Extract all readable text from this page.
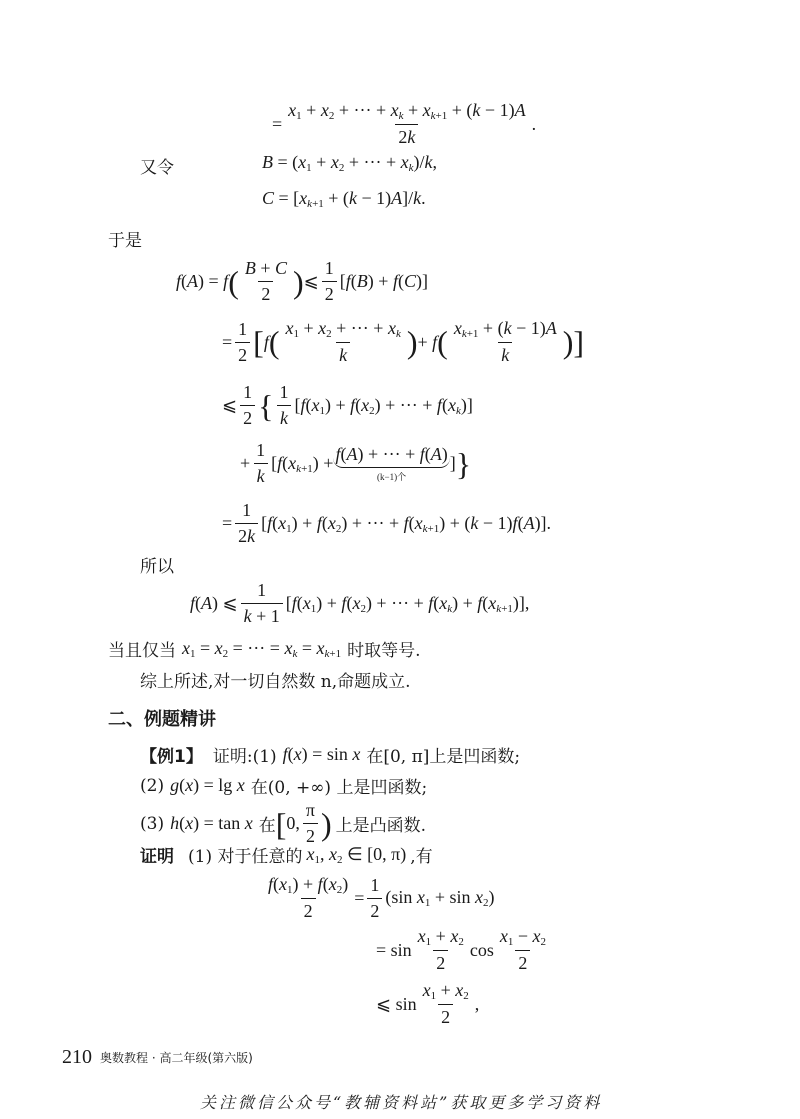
= $\frac{x_1 + x_2 + \cdot\cdot\cdot + x_k + x_{k+1} + (k - 1)A}{2k}$ .
又令	$B = (x_1 + x_2$ + ··· + $x_k)/k$,
$C = [x_{k+1} + (k - 1)A]/k$.
于是
f(A) = f ( $\frac{B + C}{2}$ ) ⩽ $\frac{1}{2} [f(B) + f(C)]$
= $\frac{1}{2}$ [ f ( $\frac{x_1 + x_2 + \cdot\cdot\cdot + x_k}{k}$ ) + f ( $\frac{x_{k+1} + (k - 1)A}{k}$ ) ]
⩽ $\frac{1}{2}$ { $\frac{1}{k} [f(x_1) + f(x_2)$ + ··· + $f(x_k)$]
+ $\frac{1}{k} [f(x_{k+1}) + f(A)$ + ··· + f(A)
(k−1)个
] }
= $\frac{1}{2k} [f(x_1) + f(x_2)$ + ··· + $f(x_{k+1}) + (k - 1)f(A)$].
所以
f(A) ⩽ $\frac{1}{k + 1} [f(x_1) + f(x_2)$ + ··· + $f(x_k) + f(x_{k+1})$],
当且仅当 $x_1 = x_2$ = ··· = $x_k = x_{k+1}$ 时取等号.
综上所述,对一切自然数 n,命题成立.
二、例题精讲
【例1】 证明:(1) f(x) = sin x 在[0, π]上是凹函数;
(2) g(x) = lg x 在(0, +∞) 上是凹函数;
(3) h(x) = tan x 在 [ 0, $\frac{\pi}{2}$ ) 上是凸函数.
证明 (1) 对于任意的 $x_1$, $x_2$ ∈ [0, π) ,有
$\frac{f(x_1) + f(x_2)}{2} = \frac{1}{2} (\sin$ $x_1 + \sin x_2$)
= $\sin \frac{x_1 + x_2}{2}$ $\cos \frac{x_1 - x_2}{2}$
⩽ $\sin \frac{x_1 + x_2}{2}$ ,
210 奥数教程 · 高二年级(第六版)
关注微信公众号“教辅资料站”获取更多学习资料
